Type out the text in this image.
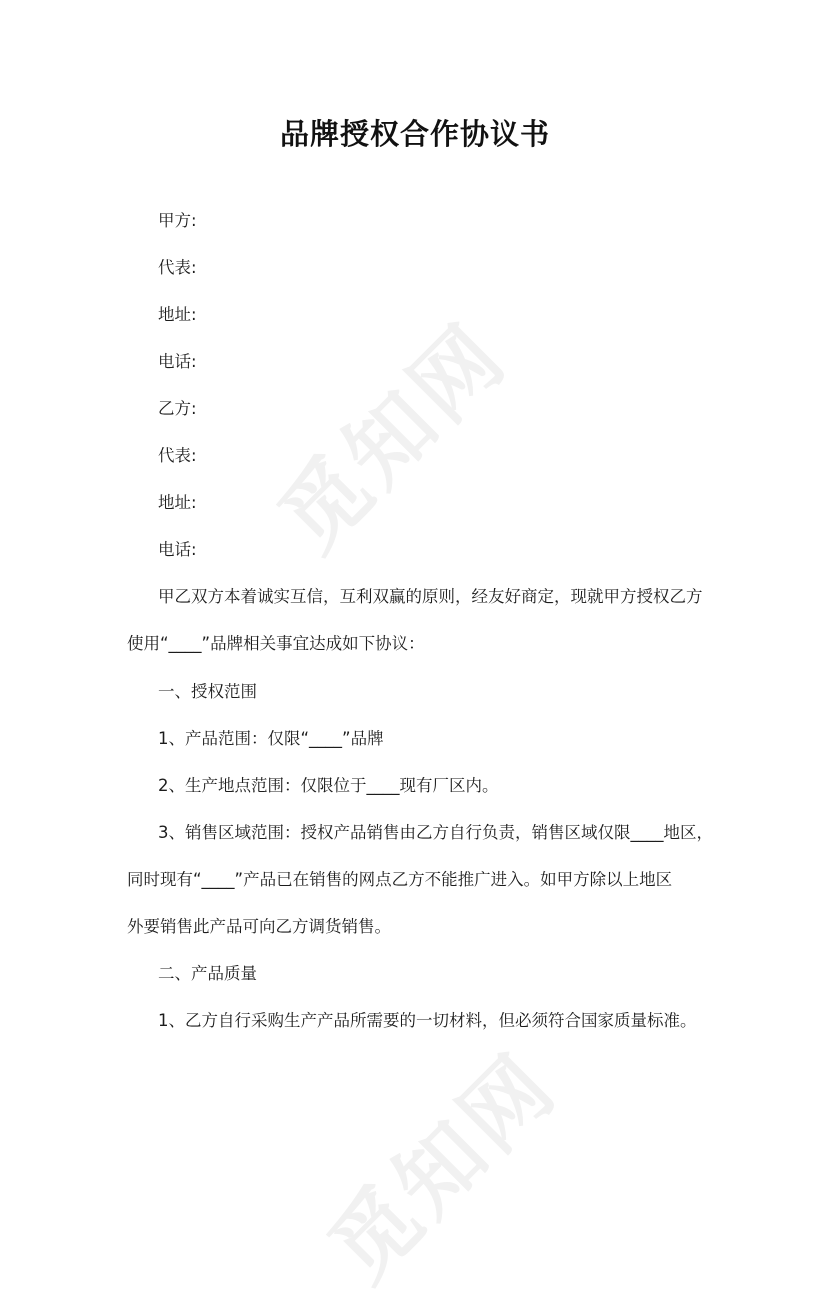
觅知网
觅知网
品牌授权合作协议书
甲方:
代表:
地址:
电话:
乙方:
代表:
地址:
电话:
甲乙双方本着诚实互信，互利双赢的原则，经友好商定，现就甲方授权乙方
使用“____”品牌相关事宜达成如下协议：
一、授权范围
1、产品范围：仅限“____”品牌
2、生产地点范围：仅限位于____现有厂区内。
3、销售区域范围：授权产品销售由乙方自行负责，销售区域仅限____地区，
同时现有“____”产品已在销售的网点乙方不能推广进入。如甲方除以上地区
外要销售此产品可向乙方调货销售。
二、产品质量
1、乙方自行采购生产产品所需要的一切材料，但必须符合国家质量标准。
